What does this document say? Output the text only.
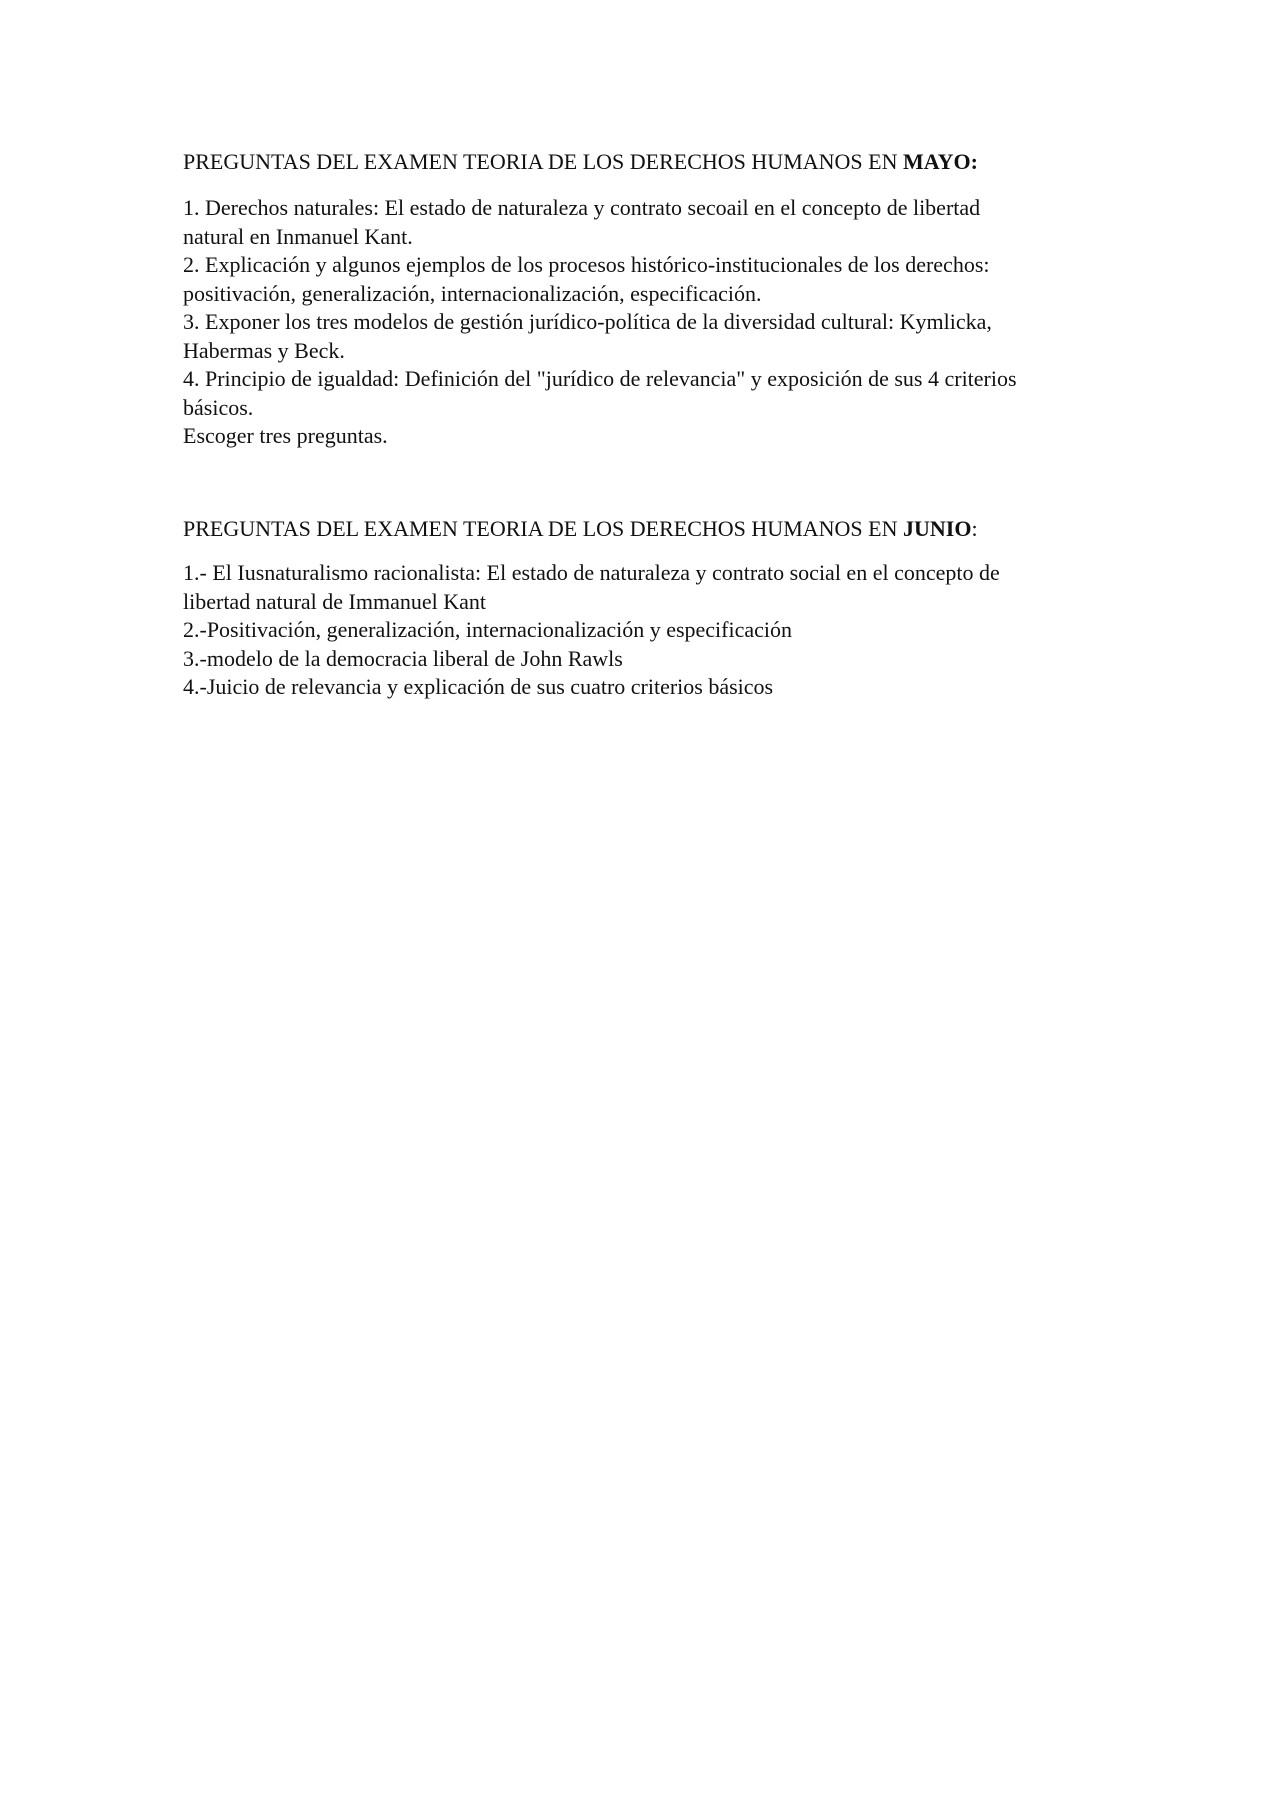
PREGUNTAS DEL EXAMEN TEORIA DE LOS DERECHOS HUMANOS EN MAYO:

1. Derechos naturales: El estado de naturaleza y contrato secoail en el concepto de libertad
natural en Inmanuel Kant.
2. Explicación y algunos ejemplos de los procesos histórico-institucionales de los derechos:
positivación, generalización, internacionalización, especificación.
3. Exponer los tres modelos de gestión jurídico-política de la diversidad cultural: Kymlicka,
Habermas y Beck.
4. Principio de igualdad: Definición del "jurídico de relevancia" y exposición de sus 4 criterios
básicos.
Escoger tres preguntas.

PREGUNTAS DEL EXAMEN TEORIA DE LOS DERECHOS HUMANOS EN JUNIO:

1.- El Iusnaturalismo racionalista: El estado de naturaleza y contrato social en el concepto de
libertad natural de Immanuel Kant
2.-Positivación, generalización, internacionalización y especificación
3.-modelo de la democracia liberal de John Rawls
4.-Juicio de relevancia y explicación de sus cuatro criterios básicos
